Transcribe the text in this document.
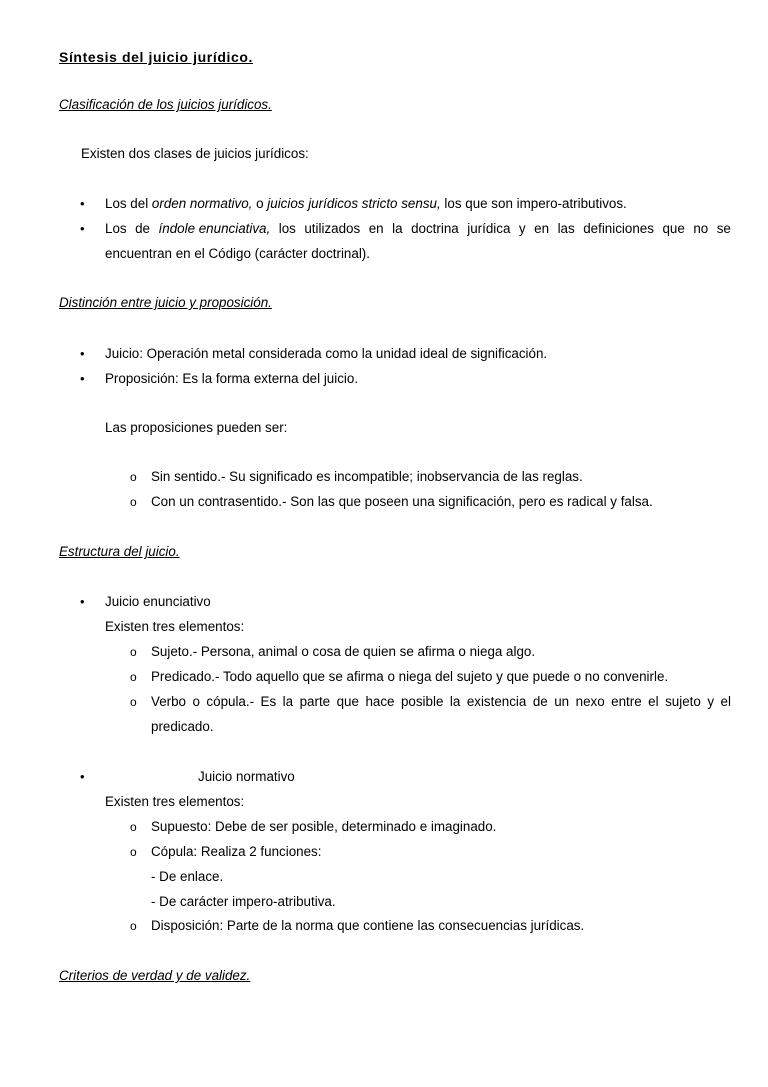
Síntesis del juicio jurídico.
Clasificación de los juicios jurídicos.
Existen dos clases de juicios jurídicos:
• Los del orden normativo, o juicios jurídicos stricto sensu, los que son impero-atributivos.
• Los de índole enunciativa, los utilizados en la doctrina jurídica y en las definiciones que no se
encuentran en el Código (carácter doctrinal).
Distinción entre juicio y proposición.
• Juicio: Operación metal considerada como la unidad ideal de significación.
• Proposición: Es la forma externa del juicio.
Las proposiciones pueden ser:
o Sin sentido.- Su significado es incompatible; inobservancia de las reglas.
o Con un contrasentido.- Son las que poseen una significación, pero es radical y falsa.
Estructura del juicio.
• Juicio enunciativo
Existen tres elementos:
o Sujeto.- Persona, animal o cosa de quien se afirma o niega algo.
o Predicado.- Todo aquello que se afirma o niega del sujeto y que puede o no convenirle.
o Verbo o cópula.- Es la parte que hace posible la existencia de un nexo entre el sujeto y el
predicado.
•	Juicio normativo
Existen tres elementos:
o Supuesto: Debe de ser posible, determinado e imaginado.
o Cópula: Realiza 2 funciones:
- De enlace.
- De carácter impero-atributiva.
o Disposición: Parte de la norma que contiene las consecuencias jurídicas.
Criterios de verdad y de validez.
